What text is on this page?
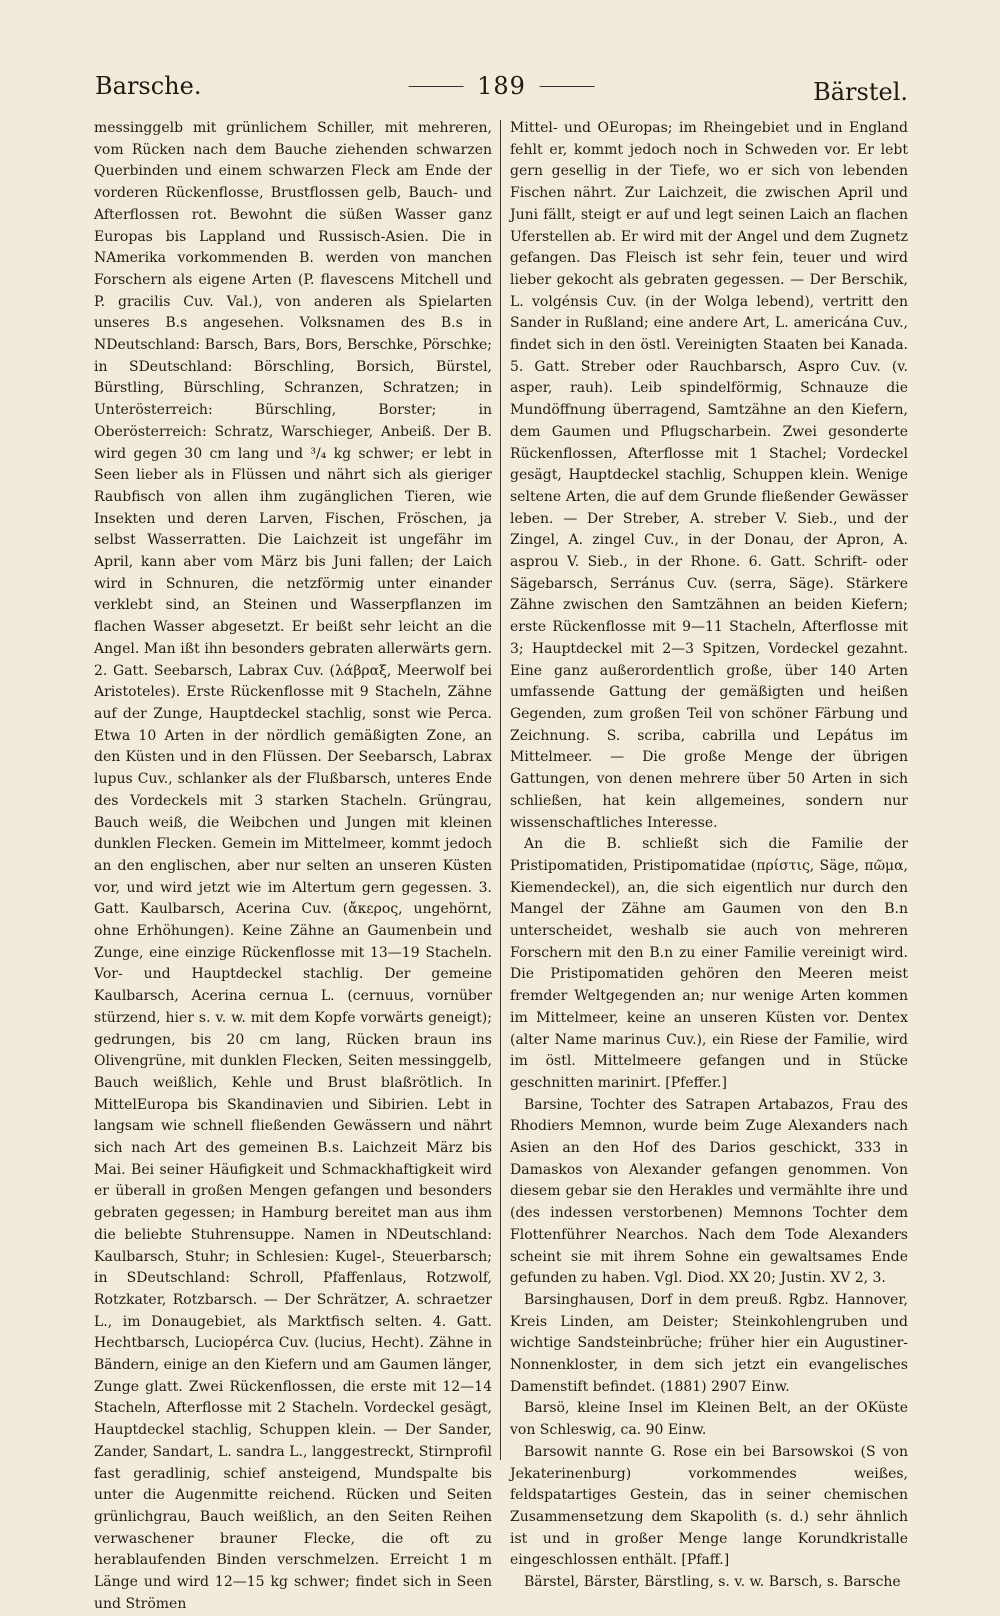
Barsche.	189	Bärstel.

messinggelb mit grünlichem Schiller, mit mehreren, vom Rücken nach dem Bauche ziehenden schwarzen Querbinden und einem schwarzen Fleck am Ende der vorderen Rückenflosse, Brustflossen gelb, Bauch- und Afterflossen rot. Bewohnt die süßen Wasser ganz Europas bis Lappland und Russisch-Asien. Die in NAmerika vorkommenden B. werden von manchen Forschern als eigene Arten (P. flavescens Mitchell und P. gracilis Cuv. Val.), von anderen als Spielarten unseres B.s angesehen. Volksnamen des B.s in NDeutschland: Barsch, Bars, Bors, Berschke, Pörschke; in SDeutschland: Börschling, Borsich, Bürstel, Bürstling, Bürschling, Schranzen, Schratzen; in Unterösterreich: Bürschling, Borster; in Oberösterreich: Schratz, Warschieger, Anbeiß. Der B. wird gegen 30 cm lang und ³/₄ kg schwer; er lebt in Seen lieber als in Flüssen und nährt sich als gieriger Raubfisch von allen ihm zugänglichen Tieren, wie Insekten und deren Larven, Fischen, Fröschen, ja selbst Wasserratten. Die Laichzeit ist ungefähr im April, kann aber vom März bis Juni fallen; der Laich wird in Schnuren, die netzförmig unter einander verklebt sind, an Steinen und Wasserpflanzen im flachen Wasser abgesetzt. Er beißt sehr leicht an die Angel. Man ißt ihn besonders gebraten allerwärts gern. 2. Gatt. Seebarsch, Labrax Cuv. (λάβραξ, Meerwolf bei Aristoteles). Erste Rückenflosse mit 9 Stacheln, Zähne auf der Zunge, Hauptdeckel stachlig, sonst wie Perca. Etwa 10 Arten in der nördlich gemäßigten Zone, an den Küsten und in den Flüssen. Der Seebarsch, Labrax lupus Cuv., schlanker als der Flußbarsch, unteres Ende des Vordeckels mit 3 starken Stacheln. Grüngrau, Bauch weiß, die Weibchen und Jungen mit kleinen dunklen Flecken. Gemein im Mittelmeer, kommt jedoch an den englischen, aber nur selten an unseren Küsten vor, und wird jetzt wie im Altertum gern gegessen. 3. Gatt. Kaulbarsch, Acerina Cuv. (ἄκερος, ungehörnt, ohne Erhöhungen). Keine Zähne an Gaumenbein und Zunge, eine einzige Rückenflosse mit 13—19 Stacheln. Vor- und Hauptdeckel stachlig. Der gemeine Kaulbarsch, Acerina cernua L. (cernuus, vornüber stürzend, hier s. v. w. mit dem Kopfe vorwärts geneigt); gedrungen, bis 20 cm lang, Rücken braun ins Olivengrüne, mit dunklen Flecken, Seiten messinggelb, Bauch weißlich, Kehle und Brust blaßrötlich. In MittelEuropa bis Skandinavien und Sibirien. Lebt in langsam wie schnell fließenden Gewässern und nährt sich nach Art des gemeinen B.s. Laichzeit März bis Mai. Bei seiner Häufigkeit und Schmackhaftigkeit wird er überall in großen Mengen gefangen und besonders gebraten gegessen; in Hamburg bereitet man aus ihm die beliebte Stuhrensuppe. Namen in NDeutschland: Kaulbarsch, Stuhr; in Schlesien: Kugel-, Steuerbarsch; in SDeutschland: Schroll, Pfaffenlaus, Rotzwolf, Rotzkater, Rotzbarsch. — Der Schrätzer, A. schraetzer L., im Donaugebiet, als Marktfisch selten. 4. Gatt. Hechtbarsch, Luciopérca Cuv. (lucius, Hecht). Zähne in Bändern, einige an den Kiefern und am Gaumen länger, Zunge glatt. Zwei Rückenflossen, die erste mit 12—14 Stacheln, Afterflosse mit 2 Stacheln. Vordeckel gesägt, Hauptdeckel stachlig, Schuppen klein. — Der Sander, Zander, Sandart, L. sandra L., langgestreckt, Stirnprofil fast geradlinig, schief ansteigend, Mundspalte bis unter die Augenmitte reichend. Rücken und Seiten grünlichgrau, Bauch weißlich, an den Seiten Reihen verwaschener brauner Flecke, die oft zu herablaufenden Binden verschmelzen. Erreicht 1 m Länge und wird 12—15 kg schwer; findet sich in Seen und Strömen

Mittel- und OEuropas; im Rheingebiet und in England fehlt er, kommt jedoch noch in Schweden vor. Er lebt gern gesellig in der Tiefe, wo er sich von lebenden Fischen nährt. Zur Laichzeit, die zwischen April und Juni fällt, steigt er auf und legt seinen Laich an flachen Uferstellen ab. Er wird mit der Angel und dem Zugnetz gefangen. Das Fleisch ist sehr fein, teuer und wird lieber gekocht als gebraten gegessen. — Der Berschik, L. volgénsis Cuv. (in der Wolga lebend), vertritt den Sander in Rußland; eine andere Art, L. americána Cuv., findet sich in den östl. Vereinigten Staaten bei Kanada. 5. Gatt. Streber oder Rauchbarsch, Aspro Cuv. (v. asper, rauh). Leib spindelförmig, Schnauze die Mundöffnung überragend, Samtzähne an den Kiefern, dem Gaumen und Pflugscharbein. Zwei gesonderte Rückenflossen, Afterflosse mit 1 Stachel; Vordeckel gesägt, Hauptdeckel stachlig, Schuppen klein. Wenige seltene Arten, die auf dem Grunde fließender Gewässer leben. — Der Streber, A. streber V. Sieb., und der Zingel, A. zingel Cuv., in der Donau, der Apron, A. asprou V. Sieb., in der Rhone. 6. Gatt. Schrift- oder Sägebarsch, Serránus Cuv. (serra, Säge). Stärkere Zähne zwischen den Samtzähnen an beiden Kiefern; erste Rückenflosse mit 9—11 Stacheln, Afterflosse mit 3; Hauptdeckel mit 2—3 Spitzen, Vordeckel gezahnt. Eine ganz außerordentlich große, über 140 Arten umfassende Gattung der gemäßigten und heißen Gegenden, zum großen Teil von schöner Färbung und Zeichnung. S. scriba, cabrilla und Lepátus im Mittelmeer. — Die große Menge der übrigen Gattungen, von denen mehrere über 50 Arten in sich schließen, hat kein allgemeines, sondern nur wissenschaftliches Interesse.

An die B. schließt sich die Familie der Pristipomatiden, Pristipomatidae (πρίστις, Säge, πῶμα, Kiemendeckel), an, die sich eigentlich nur durch den Mangel der Zähne am Gaumen von den B.n unterscheidet, weshalb sie auch von mehreren Forschern mit den B.n zu einer Familie vereinigt wird. Die Pristipomatiden gehören den Meeren meist fremder Weltgegenden an; nur wenige Arten kommen im Mittelmeer, keine an unseren Küsten vor. Dentex (alter Name marinus Cuv.), ein Riese der Familie, wird im östl. Mittelmeere gefangen und in Stücke geschnitten marinirt. [Pfeffer.]

Barsine, Tochter des Satrapen Artabazos, Frau des Rhodiers Memnon, wurde beim Zuge Alexanders nach Asien an den Hof des Darios geschickt, 333 in Damaskos von Alexander gefangen genommen. Von diesem gebar sie den Herakles und vermählte ihre und (des indessen verstorbenen) Memnons Tochter dem Flottenführer Nearchos. Nach dem Tode Alexanders scheint sie mit ihrem Sohne ein gewaltsames Ende gefunden zu haben. Vgl. Diod. XX 20; Justin. XV 2, 3.

Barsinghausen, Dorf in dem preuß. Rgbz. Hannover, Kreis Linden, am Deister; Steinkohlengruben und wichtige Sandsteinbrüche; früher hier ein Augustiner-Nonnenkloster, in dem sich jetzt ein evangelisches Damenstift befindet. (1881) 2907 Einw.

Barsö, kleine Insel im Kleinen Belt, an der OKüste von Schleswig, ca. 90 Einw.

Barsowit nannte G. Rose ein bei Barsowskoi (S von Jekaterinenburg) vorkommendes weißes, feldspatartiges Gestein, das in seiner chemischen Zusammensetzung dem Skapolith (s. d.) sehr ähnlich ist und in großer Menge lange Korundkristalle eingeschlossen enthält. [Pfaff.]

Bärstel, Bärster, Bärstling, s. v. w. Barsch, s. Barsche
